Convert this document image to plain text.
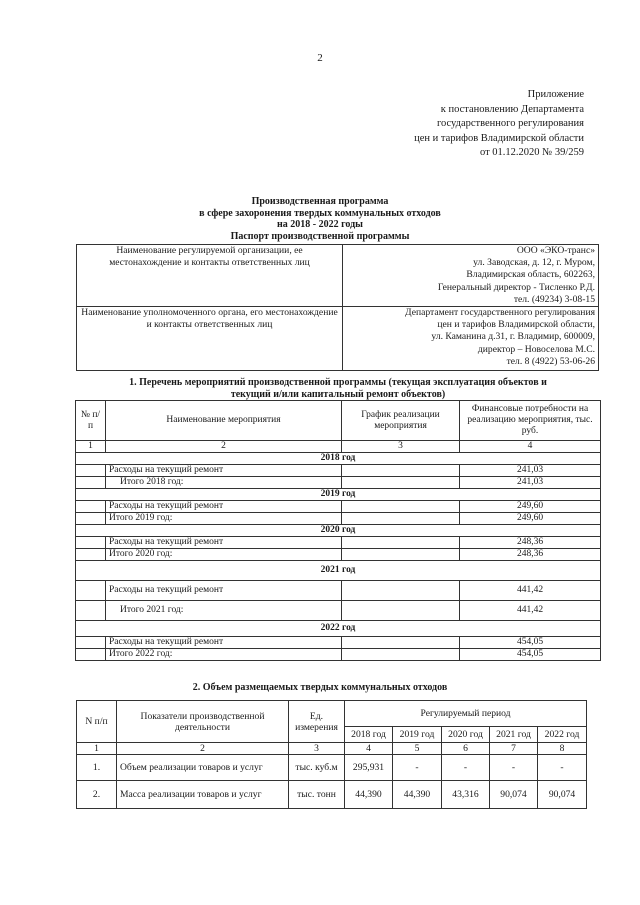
2
Приложение
к постановлению Департамента
государственного регулирования
цен и тарифов Владимирской области
от 01.12.2020 № 39/259
Производственная программа
в сфере захоронения твердых коммунальных отходов
на 2018 - 2022 годы
Паспорт производственной программы
Наименование регулируемой организации, ее местонахождение и контакты ответственных лиц	ООО «ЭКО-транс»
ул. Заводская, д. 12, г. Муром,
Владимирская область, 602263,
Генеральный директор - Тисленко Р.Д.
тел. (49234) 3-08-15

Наименование уполномоченного органа, его местонахождение и контакты ответственных лиц	Департамент государственного регулирования
цен и тарифов Владимирской области,
ул. Каманина д.31, г. Владимир, 600009,
директор – Новоселова М.С.
тел. 8 (4922) 53-06-26
1. Перечень мероприятий производственной программы (текущая эксплуатация объектов и
текущий и/или капитальный ремонт объектов)
№ п/п	Наименование мероприятия	График реализации мероприятия	Финансовые потребности на реализацию мероприятия, тыс. руб.
1	2	3	4
2018 год			
	Расходы на текущий ремонт		241,03
	Итого 2018 год:		241,03
2019 год			
	Расходы на текущий ремонт		249,60
	Итого 2019 год:		249,60
2020 год			
	Расходы на текущий ремонт		248,36
	Итого 2020 год:		248,36
2021 год			
	Расходы на текущий ремонт		441,42
	Итого 2021 год:		441,42
2022 год			
	Расходы на текущий ремонт		454,05
	Итого 2022 год:		454,05
2. Объем размещаемых твердых коммунальных отходов
N п/п	Показатели производственной деятельности	Ед. измерения	Регулируемый период				
			2018 год	2019 год	2020 год	2021 год	2022 год
1	2	3	4	5	6	7	8
1.	Объем реализации товаров и услуг	тыс. куб.м	295,931	-	-	-	-
2.	Масса реализации товаров и услуг	тыс. тонн	44,390	44,390	43,316	90,074	90,074
